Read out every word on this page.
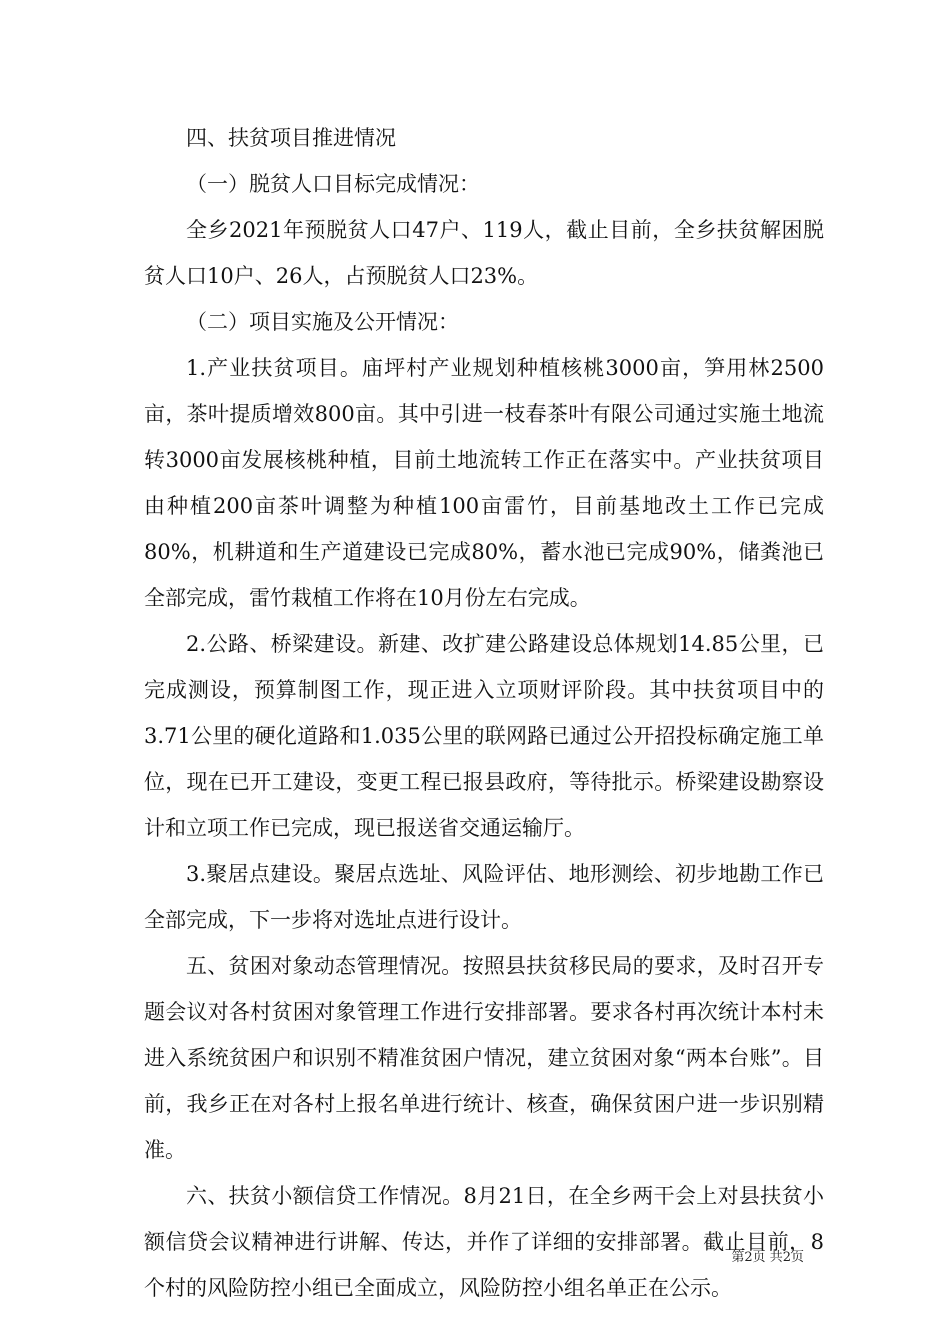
四、扶贫项目推进情况

（一）脱贫人口目标完成情况：

全乡2021年预脱贫人口47户、119人，截止目前，全乡扶贫解困脱贫人口10户、26人，占预脱贫人口23%。

（二）项目实施及公开情况：

1.产业扶贫项目。庙坪村产业规划种植核桃3000亩，笋用林2500亩，茶叶提质增效800亩。其中引进一枝春茶叶有限公司通过实施土地流转3000亩发展核桃种植，目前土地流转工作正在落实中。产业扶贫项目由种植200亩茶叶调整为种植100亩雷竹，目前基地改土工作已完成80%，机耕道和生产道建设已完成80%，蓄水池已完成90%，储粪池已全部完成，雷竹栽植工作将在10月份左右完成。

2.公路、桥梁建设。新建、改扩建公路建设总体规划14.85公里，已完成测设，预算制图工作，现正进入立项财评阶段。其中扶贫项目中的3.71公里的硬化道路和1.035公里的联网路已通过公开招投标确定施工单位，现在已开工建设，变更工程已报县政府，等待批示。桥梁建设勘察设计和立项工作已完成，现已报送省交通运输厅。

3.聚居点建设。聚居点选址、风险评估、地形测绘、初步地勘工作已全部完成，下一步将对选址点进行设计。

五、贫困对象动态管理情况。按照县扶贫移民局的要求，及时召开专题会议对各村贫困对象管理工作进行安排部署。要求各村再次统计本村未进入系统贫困户和识别不精准贫困户情况，建立贫困对象“两本台账”。目前，我乡正在对各村上报名单进行统计、核查，确保贫困户进一步识别精准。

六、扶贫小额信贷工作情况。8月21日，在全乡两干会上对县扶贫小额信贷会议精神进行讲解、传达，并作了详细的安排部署。截止目前，8个村的风险防控小组已全面成立，风险防控小组名单正在公示。

第2页 共2页
